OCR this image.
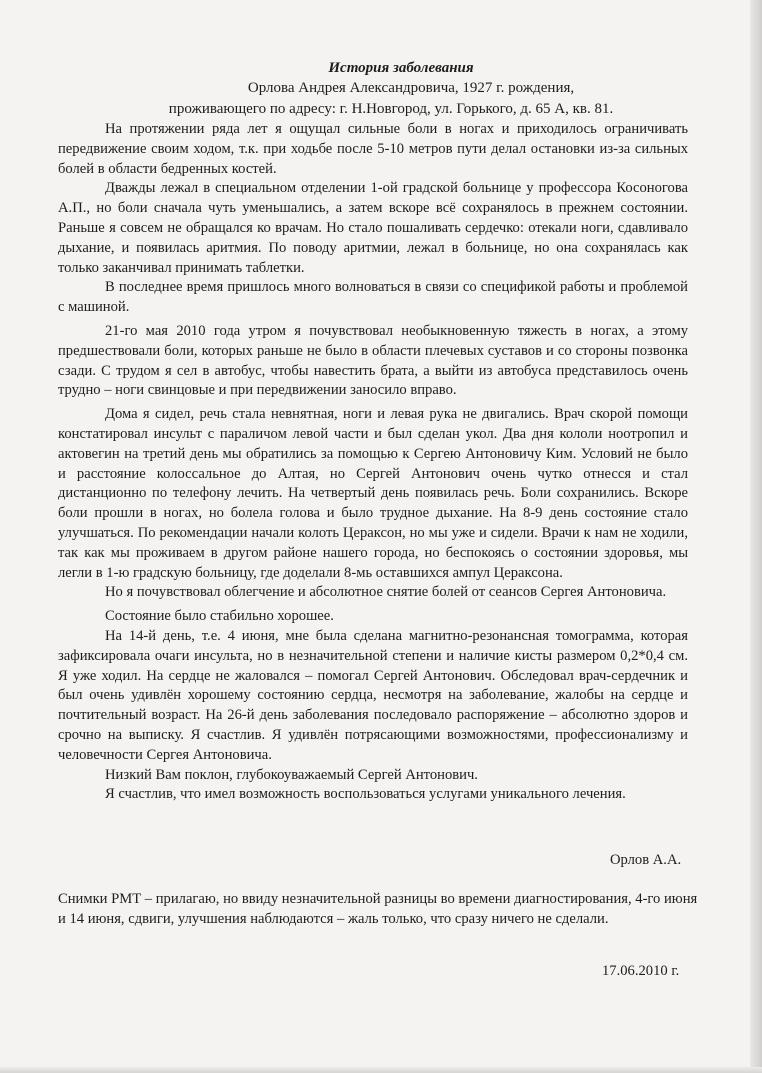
История заболевания
Орлова Андрея Александровича, 1927 г. рождения,
проживающего по адресу: г. Н.Новгород, ул. Горького, д. 65 А, кв. 81.

На протяжении ряда лет я ощущал сильные боли в ногах и приходилось ограничивать передвижение своим ходом, т.к. при ходьбе после 5-10 метров пути делал остановки из-за сильных болей в области бедренных костей.

Дважды лежал в специальном отделении 1-ой градской больнице у профессора Косоногова А.П., но боли сначала чуть уменьшались, а затем вскоре всё сохранялось в прежнем состоянии. Раньше я совсем не обращался ко врачам. Но стало пошаливать сердечко: отекали ноги, сдавливало дыхание, и появилась аритмия. По поводу аритмии, лежал в больнице, но она сохранялась как только заканчивал принимать таблетки.

В последнее время пришлось много волноваться в связи со спецификой работы и проблемой с машиной.

21-го мая 2010 года утром я почувствовал необыкновенную тяжесть в ногах, а этому предшествовали боли, которых раньше не было в области плечевых суставов и со стороны позвонка сзади. С трудом я сел в автобус, чтобы навестить брата, а выйти из автобуса представилось очень трудно – ноги свинцовые и при передвижении заносило вправо.

Дома я сидел, речь стала невнятная, ноги и левая рука не двигались. Врач скорой помощи констатировал инсульт с параличом левой части и был сделан укол. Два дня кололи ноотропил и актовегин на третий день мы обратились за помощью к Сергею Антоновичу Ким. Условий не было и расстояние колоссальное до Алтая, но Сергей Антонович очень чутко отнесся и стал дистанционно по телефону лечить. На четвертый день появилась речь. Боли сохранились. Вскоре боли прошли в ногах, но болела голова и было трудное дыхание. На 8-9 день состояние стало улучшаться. По рекомендации начали колоть Цераксон, но мы уже и сидели. Врачи к нам не ходили, так как мы проживаем в другом районе нашего города, но беспокоясь о состоянии здоровья, мы легли в 1-ю градскую больницу, где доделали 8-мь оставшихся ампул Цераксона.

Но я почувствовал облегчение и абсолютное снятие болей от сеансов Сергея Антоновича.

Состояние было стабильно хорошее.

На 14-й день, т.е. 4 июня, мне была сделана магнитно-резонансная томограмма, которая зафиксировала очаги инсульта, но в незначительной степени и наличие кисты размером 0,2*0,4 см. Я уже ходил. На сердце не жаловался – помогал Сергей Антонович. Обследовал врач-сердечник и был очень удивлён хорошему состоянию сердца, несмотря на заболевание, жалобы на сердце и почтительный возраст. На 26-й день заболевания последовало распоряжение – абсолютно здоров и срочно на выписку. Я счастлив. Я удивлён потрясающими возможностями, профессионализму и человечности Сергея Антоновича.

Низкий Вам поклон, глубокоуважаемый Сергей Антонович.

Я счастлив, что имел возможность воспользоваться услугами уникального лечения.

Орлов А.А.
Снимки РМТ – прилагаю, но ввиду незначительной разницы во времени диагностирования, 4-го июня и 14 июня, сдвиги, улучшения наблюдаются – жаль только, что сразу ничего не сделали.
17.06.2010 г.
